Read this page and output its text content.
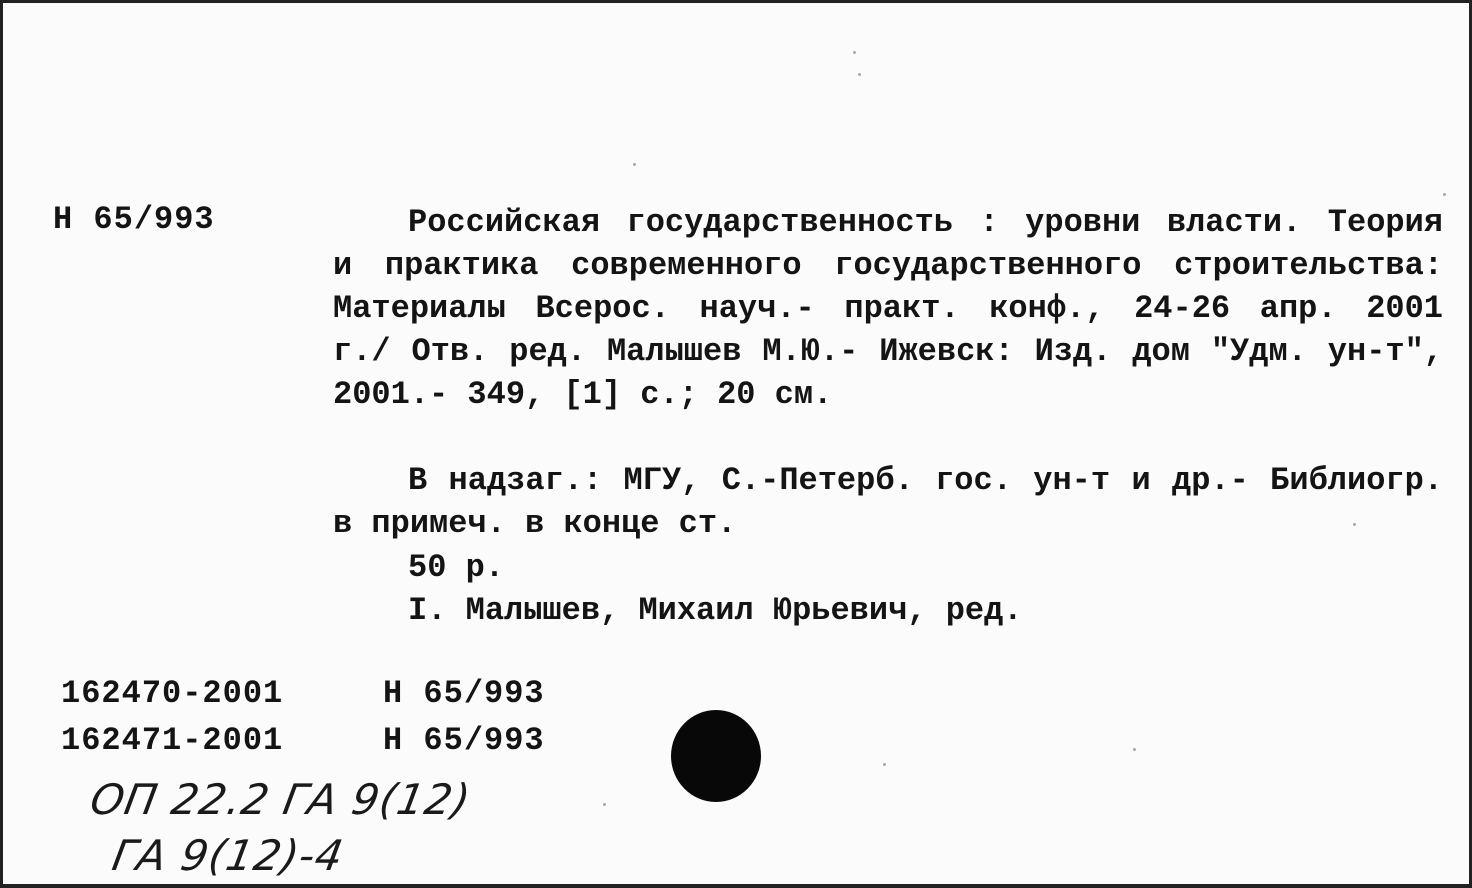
Н 65/993	Российская государственность : уровни власти. Теория и практика современного государственного строительства: Материалы Всерос. науч.- практ. конф., 24-26 апр. 2001 г./ Отв. ред. Малышев М.Ю.- Ижевск: Изд. дом "Удм. ун-т", 2001.- 349, [1] с.; 20 см.
В надзаг.: МГУ, С.-Петерб. гос. ун-т и др.- Библиогр. в примеч. в конце ст.
50 р.
I. Малышев, Михаил Юрьевич, ред.
162470-2001	Н 65/993
162471-2001	Н 65/993
ОП 22.2 ГА 9(12)
ГА 9(12)-4
